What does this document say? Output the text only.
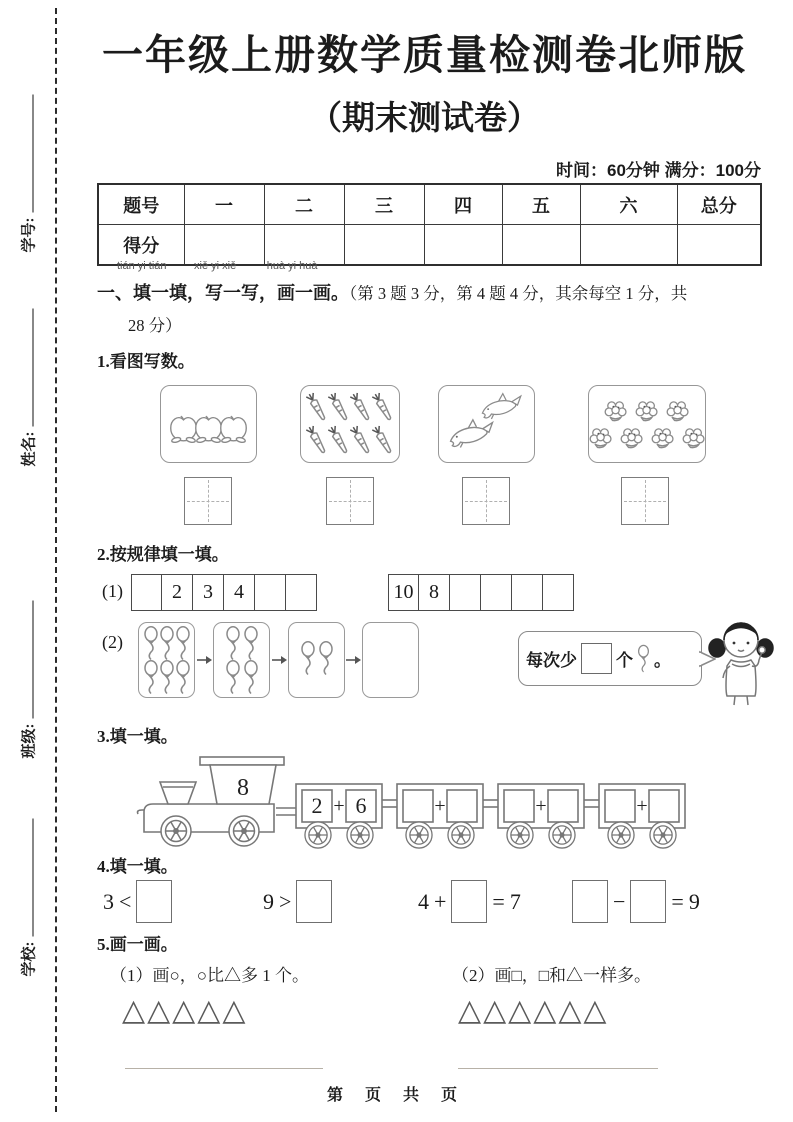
学号:
姓名:
班级:
学校:
一年级上册数学质量检测卷北师版
（期末测试卷）
时间：60分钟 满分：100分
题号	一	二	三	四	五	六	总分
得分							
tián yi tián         xiě yi xiě          huà yi huà
一、填一填，写一写，画一画。（第 3 题 3 分，第 4 题 4 分，其余每空 1 分，共
28 分）
1.看图写数。
2.按规律填一填。
(1)	2	3	4	10 8
(2)
每次少 个 。
3.填一填。
8
2 + 6	+	+	+
4.填一填。
3 <	9 >	4 + = 7	− = 9
5.画一画。
（1）画○，○比△多 1 个。	（2）画□，□和△一样多。
△△△△△	△△△△△△
第 页 共 页
